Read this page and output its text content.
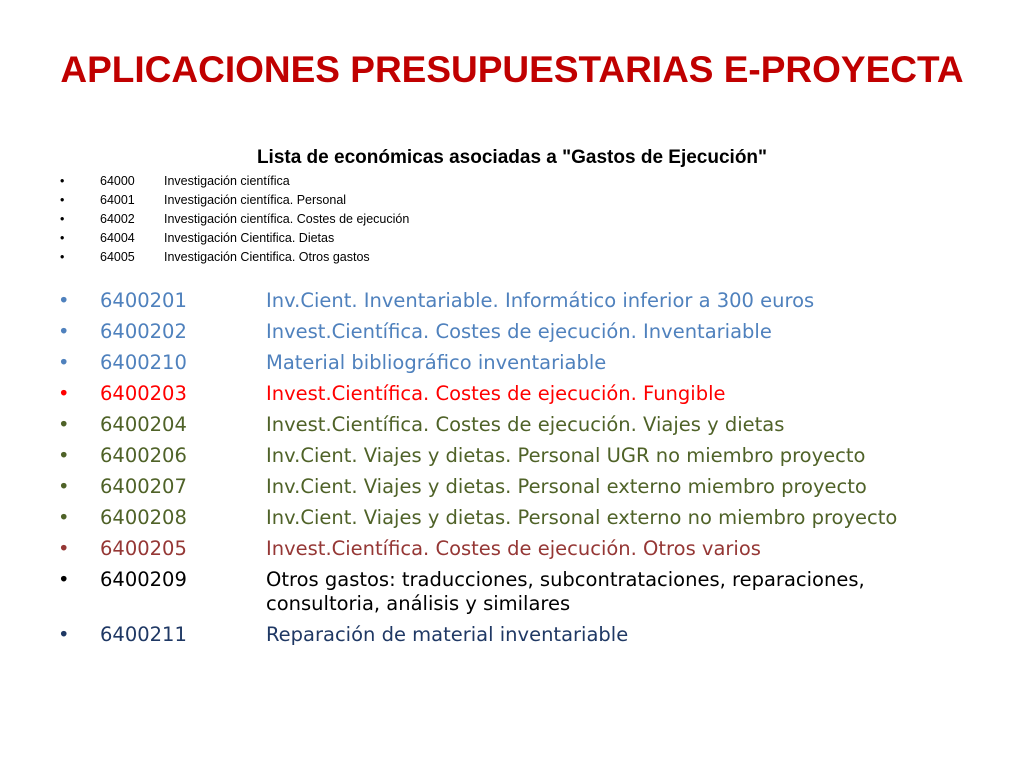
APLICACIONES PRESUPUESTARIAS E-PROYECTA
Lista de económicas asociadas a "Gastos de Ejecución"
•	64000 Investigación científica
•	64001 Investigación científica. Personal
•	64002 Investigación científica. Costes de ejecución
•	64004 Investigación Cientifica. Dietas
•	64005 Investigación Cientifica. Otros gastos
•	6400201	Inv.Cient. Inventariable. Informático inferior a 300 euros
•	6400202	Invest.Científica. Costes de ejecución. Inventariable
•	6400210	Material bibliográfico inventariable
•	6400203	Invest.Científica. Costes de ejecución. Fungible
•	6400204	Invest.Científica. Costes de ejecución. Viajes y dietas
•	6400206	Inv.Cient. Viajes y dietas. Personal UGR no miembro proyecto
•	6400207	Inv.Cient. Viajes y dietas. Personal externo miembro proyecto
•	6400208	Inv.Cient. Viajes y dietas. Personal externo no miembro proyecto
•	6400205	Invest.Científica. Costes de ejecución. Otros varios
•	6400209	Otros gastos: traducciones, subcontrataciones, reparaciones, consultoria, análisis y similares
•	6400211	Reparación de material inventariable
